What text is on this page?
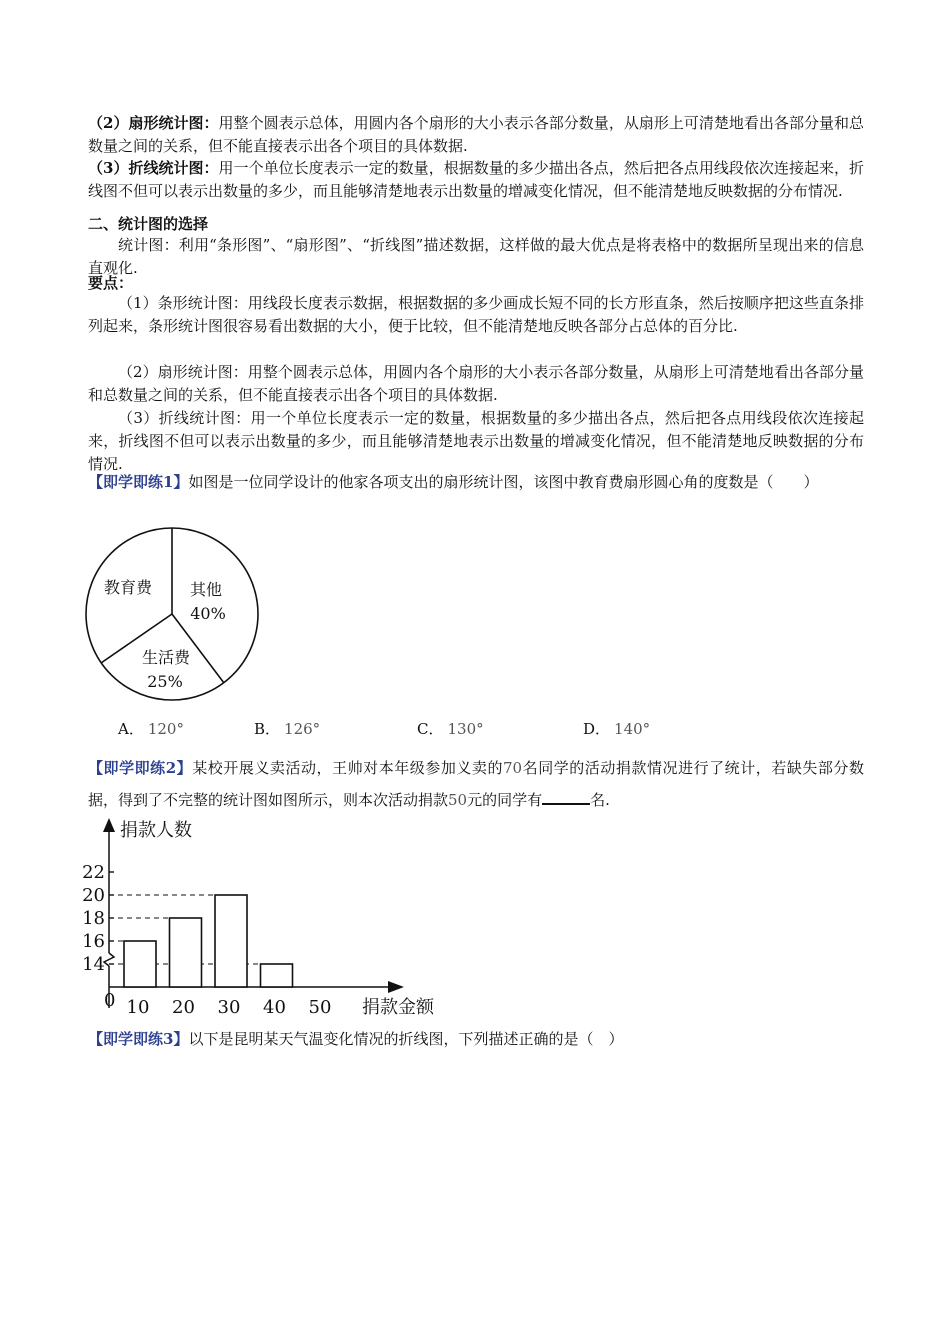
（2）扇形统计图：用整个圆表示总体，用圆内各个扇形的大小表示各部分数量，从扇形上可清楚地看出各部分量和总数量之间的关系，但不能直接表示出各个项目的具体数据.

（3）折线统计图：用一个单位长度表示一定的数量，根据数量的多少描出各点，然后把各点用线段依次连接起来，折线图不但可以表示出数量的多少，而且能够清楚地表示出数量的增减变化情况，但不能清楚地反映数据的分布情况.

二、统计图的选择

统计图：利用“条形图”、“扇形图”、“折线图”描述数据，这样做的最大优点是将表格中的数据所呈现出来的信息直观化.

要点：

（1）条形统计图：用线段长度表示数据，根据数据的多少画成长短不同的长方形直条，然后按顺序把这些直条排列起来，条形统计图很容易看出数据的大小，便于比较，但不能清楚地反映各部分占总体的百分比.

（2）扇形统计图：用整个圆表示总体，用圆内各个扇形的大小表示各部分数量，从扇形上可清楚地看出各部分量和总数量之间的关系，但不能直接表示出各个项目的具体数据.

（3）折线统计图：用一个单位长度表示一定的数量，根据数量的多少描出各点，然后把各点用线段依次连接起来，折线图不但可以表示出数量的多少，而且能够清楚地表示出数量的增减变化情况，但不能清楚地反映数据的分布情况.

【即学即练1】如图是一位同学设计的他家各项支出的扇形统计图，该图中教育费扇形圆心角的度数是（　　）

教育费 其他
40%
生活费
25%
A． 120°	B． 126°	C． 130°	D． 140°

【即学即练2】某校开展义卖活动，王帅对本年级参加义卖的70名同学的活动捐款情况进行了统计，若缺失部分数据，得到了不完整的统计图如图所示，则本次活动捐款50元的同学有	名.

捐款人数
捐款金额
0
14
16
18
20
22
10 20 30 40 50

【即学即练3】以下是昆明某天气温变化情况的折线图，下列描述正确的是（　）
